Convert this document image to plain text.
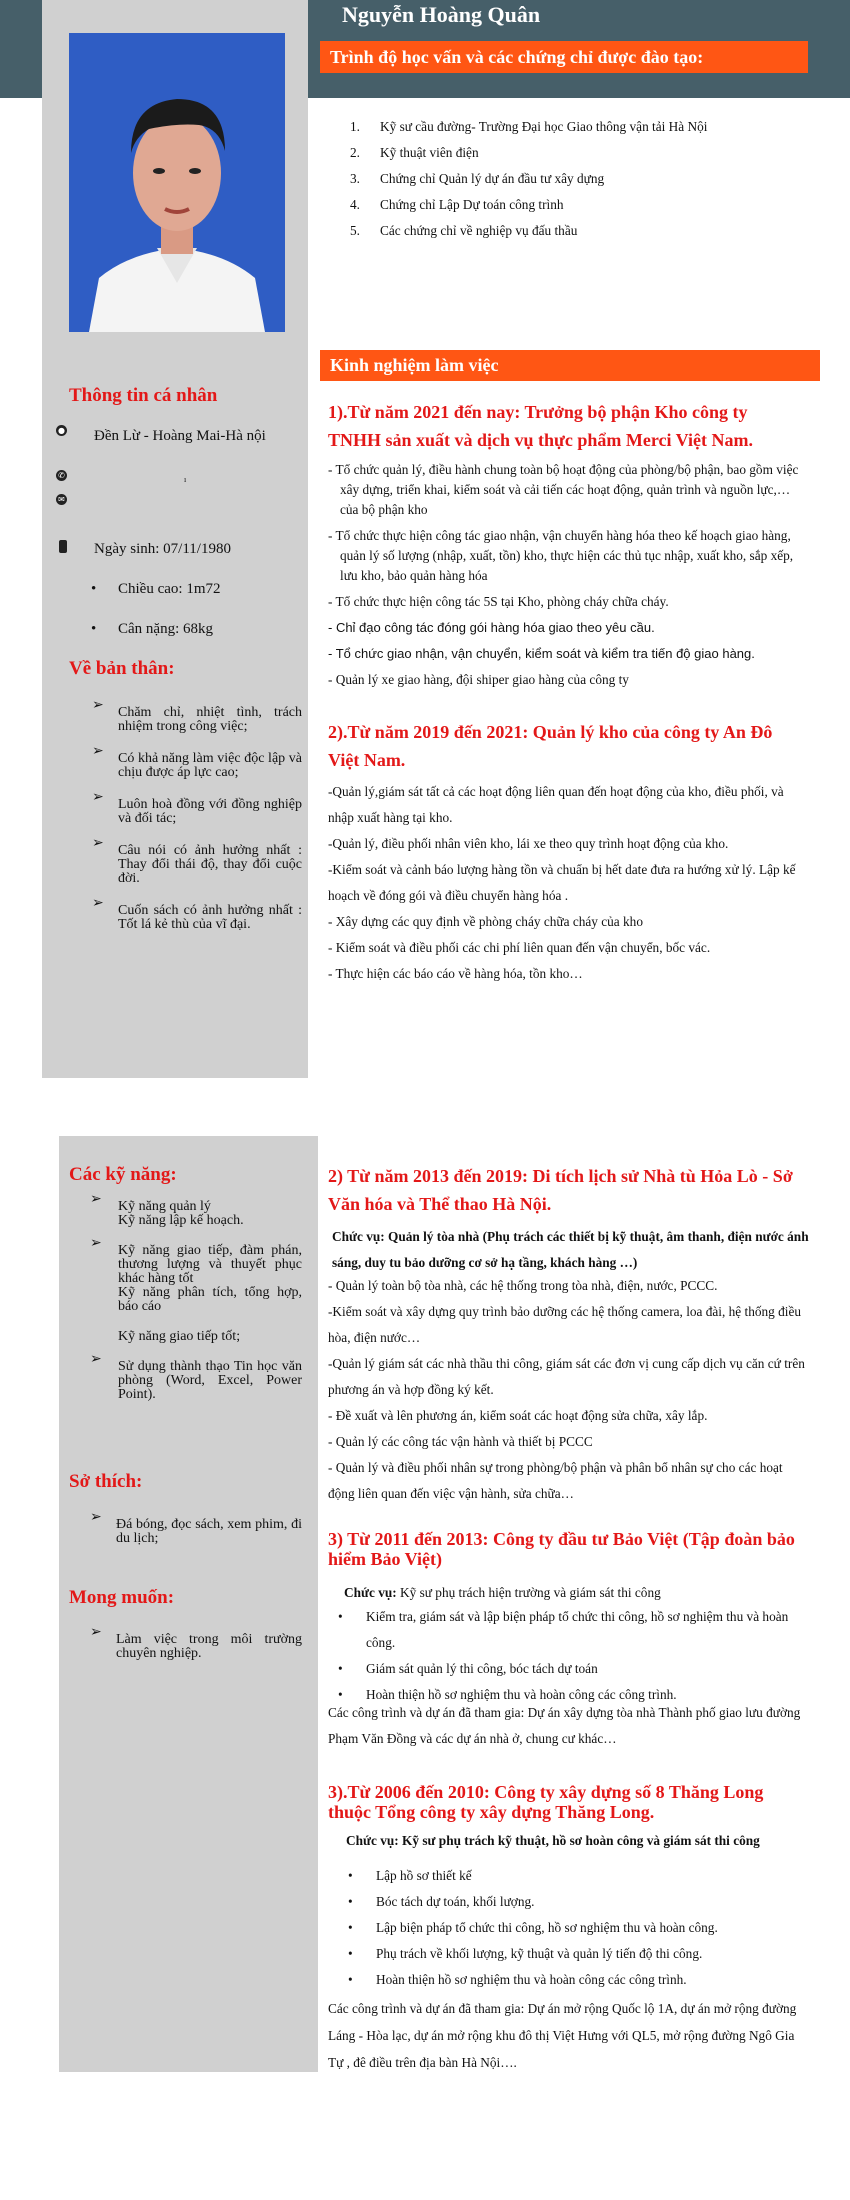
Nguyễn Hoàng Quân
Trình độ học vấn và các chứng chỉ được đào tạo:
1. Kỹ sư cầu đường- Trường Đại học Giao thông vận tải Hà Nội
2. Kỹ thuật viên điện
3. Chứng chỉ Quản lý dự án đầu tư xây dựng
4. Chứng chỉ Lập Dự toán công trình
5. Các chứng chỉ về nghiệp vụ đấu thầu
Kinh nghiệm làm việc
Thông tin cá nhân
● Đền Lừ - Hoàng Mai-Hà nội
✆	ı
✉
Ngày sinh: 07/11/1980
• Chiều cao: 1m72
• Cân nặng: 68kg
Về bản thân:
➢ Chăm chỉ, nhiệt tình, trách nhiệm trong công việc;
➢ Có khả năng làm việc độc lập và chịu được áp lực cao;
➢ Luôn hoà đồng với đồng nghiệp và đối tác;
➢ Câu nói có ảnh hưởng nhất : Thay đổi thái độ, thay đổi cuộc đời.
➢ Cuốn sách có ảnh hưởng nhất : Tốt lá kẻ thù của vĩ đại.
1).Từ năm 2021 đến nay: Trưởng bộ phận Kho công ty TNHH sản xuất và dịch vụ thực phẩm Merci Việt Nam.
- Tổ chức quản lý, điều hành chung toàn bộ hoạt động của phòng/bộ phận, bao gồm việc xây dựng, triển khai, kiểm soát và cải tiến các hoạt động, quản trình và nguồn lực,… của bộ phận kho
- Tổ chức thực hiện công tác giao nhận, vận chuyển hàng hóa theo kế hoạch giao hàng, quản lý số lượng (nhập, xuất, tồn) kho, thực hiện các thủ tục nhập, xuất kho, sắp xếp, lưu kho, bảo quản hàng hóa
- Tổ chức thực hiện công tác 5S tại Kho, phòng cháy chữa cháy.
- Chỉ đạo công tác đóng gói hàng hóa giao theo yêu cầu.
- Tổ chức giao nhận, vận chuyển, kiểm soát và kiểm tra tiến độ giao hàng.
- Quản lý xe giao hàng, đội shiper giao hàng của công ty
2).Từ năm 2019 đến 2021: Quản lý kho của công ty An Đô Việt Nam.
-Quản lý,giám sát tất cả các hoạt động liên quan đến hoạt động của kho, điều phối, và nhập xuất hàng tại kho.
-Quản lý, điều phối nhân viên kho, lái xe theo quy trình hoạt động của kho.
-Kiểm soát và cảnh báo lượng hàng tồn và chuẩn bị hết date đưa ra hướng xử lý. Lập kế hoạch về đóng gói và điều chuyển hàng hóa .
- Xây dựng các quy định về phòng cháy chữa cháy của kho
- Kiểm soát và điều phối các chi phí liên quan đến vận chuyển, bốc vác.
- Thực hiện các báo cáo về hàng hóa, tồn kho…
Các kỹ năng:
➢ Kỹ năng quản lý
Kỹ năng lập kế hoạch.
➢ Kỹ năng giao tiếp, đàm phán, thương lượng và thuyết phục khác hàng tốt
Kỹ năng phân tích, tổng hợp, báo cáo
Kỹ năng giao tiếp tốt;
➢ Sử dụng thành thạo Tin học văn phòng (Word, Excel, Power Point).
Sở thích:
➢ Đá bóng, đọc sách, xem phim, đi du lịch;
Mong muốn:
➢ Làm việc trong môi trường chuyên nghiệp.
2) Từ năm 2013 đến 2019: Di tích lịch sử Nhà tù Hỏa Lò - Sở Văn hóa và Thể thao Hà Nội.
Chức vụ: Quản lý tòa nhà (Phụ trách các thiết bị kỹ thuật, âm thanh, điện nước ánh sáng, duy tu bảo dưỡng cơ sở hạ tầng, khách hàng …)
- Quản lý toàn bộ tòa nhà, các hệ thống trong tòa nhà, điện, nước, PCCC.
-Kiểm soát và xây dựng quy trình bảo dưỡng các hệ thống camera, loa đài, hệ thống điều hòa, điện nước…
-Quản lý giám sát các nhà thầu thi công, giám sát các đơn vị cung cấp dịch vụ căn cứ trên phương án và hợp đồng ký kết.
- Đề xuất và lên phương án, kiểm soát các hoạt động sửa chữa, xây lắp.
- Quản lý các công tác vận hành và thiết bị PCCC
- Quản lý và điều phối nhân sự trong phòng/bộ phận và phân bổ nhân sự cho các hoạt động liên quan đến việc vận hành, sửa chữa…
3) Từ 2011 đến 2013: Công ty đầu tư Bảo Việt (Tập đoàn bảo hiểm Bảo Việt)
Chức vụ: Kỹ sư phụ trách hiện trường và giám sát thi công
• Kiểm tra, giám sát và lập biện pháp tổ chức thi công, hồ sơ nghiệm thu và hoàn công.
• Giám sát quản lý thi công, bóc tách dự toán
• Hoàn thiện hồ sơ nghiệm thu và hoàn công các công trình.
Các công trình và dự án đã tham gia: Dự án xây dựng tòa nhà Thành phố giao lưu đường Phạm Văn Đồng và các dự án nhà ở, chung cư khác…
3).Từ 2006 đến 2010: Công ty xây dựng số 8 Thăng Long thuộc Tổng công ty xây dựng Thăng Long.
Chức vụ: Kỹ sư phụ trách kỹ thuật, hồ sơ hoàn công và giám sát thi công
• Lập hồ sơ thiết kế
• Bóc tách dự toán, khối lượng.
• Lập biện pháp tổ chức thi công, hồ sơ nghiệm thu và hoàn công.
• Phụ trách về khối lượng, kỹ thuật và quản lý tiến độ thi công.
• Hoàn thiện hồ sơ nghiệm thu và hoàn công các công trình.
Các công trình và dự án đã tham gia: Dự án mở rộng Quốc lộ 1A, dự án mở rộng đường Láng - Hòa lạc, dự án mở rộng khu đô thị Việt Hưng với QL5, mở rộng đường Ngô Gia Tự , đê điều trên địa bàn Hà Nội….
